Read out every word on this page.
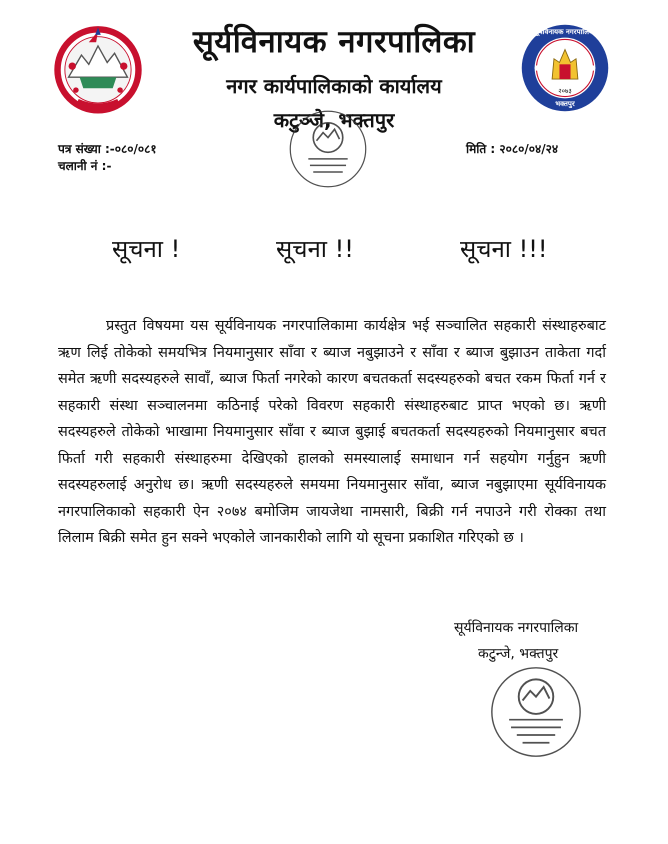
सूर्यविनायक नगरपालिका
नगर कार्यपालिकाको कार्यालय
कटुञ्जे, भक्तपुर
सूर्यविनायक नगरपालिका
२०७३
भक्तपुर
पत्र संख्या :-०८०/०८१
चलानी नं :-
मिति : २०८०/०४/२४
सूचना !	सूचना !!	सूचना !!!
प्रस्तुत विषयमा यस सूर्यविनायक नगरपालिकामा कार्यक्षेत्र भई सञ्चालित सहकारी संस्थाहरुबाट ऋण लिई तोकेको समयभित्र नियमानुसार साँवा र ब्याज नबुझाउने र साँवा र ब्याज बुझाउन ताकेता गर्दा समेत ऋणी सदस्यहरुले सावाँ, ब्याज फिर्ता नगरेको कारण बचतकर्ता सदस्यहरुको बचत रकम फिर्ता गर्न र सहकारी संस्था सञ्चालनमा कठिनाई परेको विवरण सहकारी संस्थाहरुबाट प्राप्त भएको छ। ऋणी सदस्यहरुले तोकेको भाखामा नियमानुसार साँवा र ब्याज बुझाई बचतकर्ता सदस्यहरुको नियमानुसार बचत फिर्ता गरी सहकारी संस्थाहरुमा देखिएको हालको समस्यालाई समाधान गर्न सहयोग गर्नुहुन ऋणी सदस्यहरुलाई अनुरोध छ। ऋणी सदस्यहरुले समयमा नियमानुसार साँवा, ब्याज नबुझाएमा सूर्यविनायक नगरपालिकाको सहकारी ऐन २०७४ बमोजिम जायजेथा नामसारी, बिक्री गर्न नपाउने गरी रोक्का तथा लिलाम बिक्री समेत हुन सक्ने भएकोले जानकारीको लागि यो सूचना प्रकाशित गरिएको छ ।
सूर्यविनायक नगरपालिका
कटुन्जे, भक्तपुर
